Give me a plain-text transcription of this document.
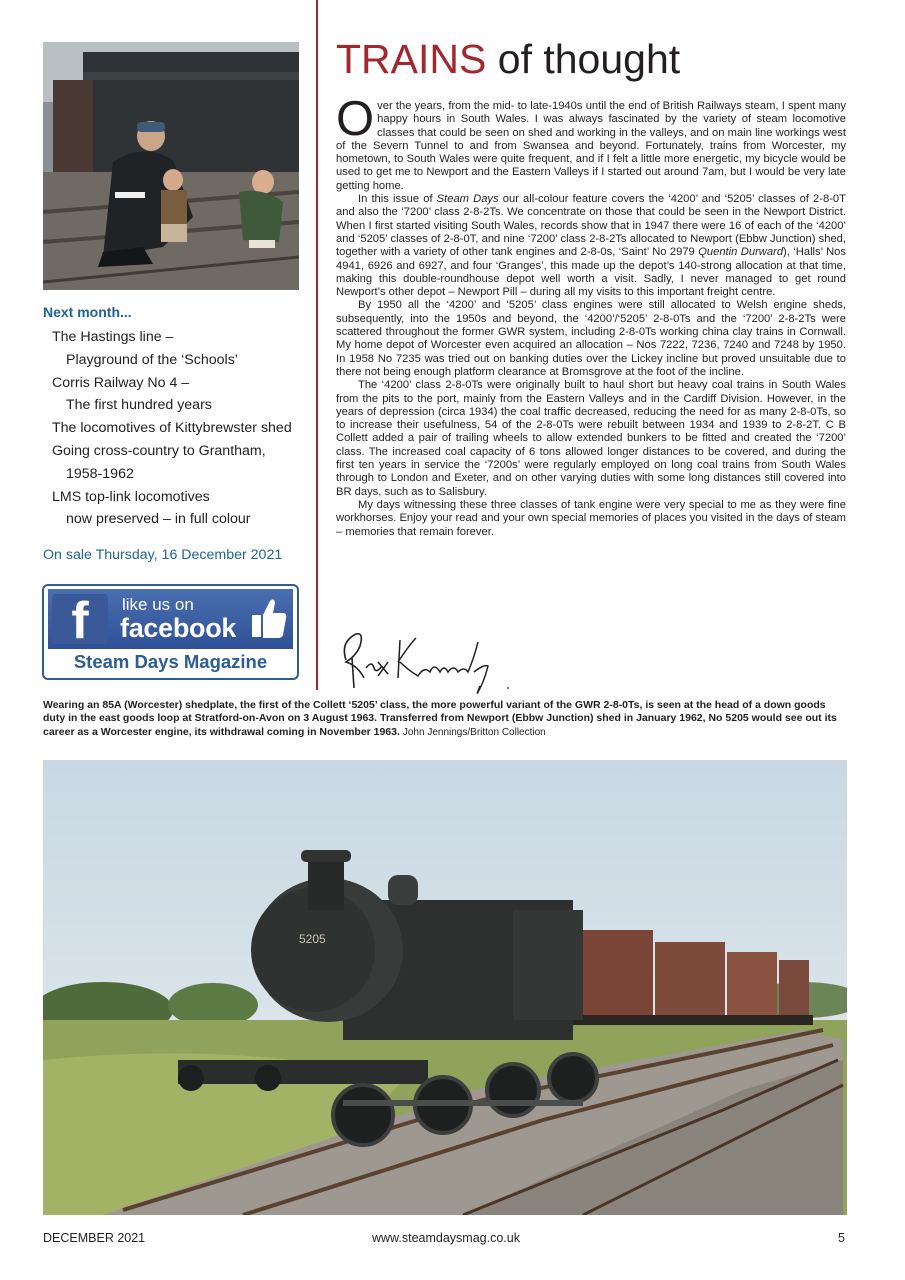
Next month...
The Hastings line –
Playground of the ‘Schools’
Corris Railway No 4 –
The first hundred years
The locomotives of Kittybrewster shed
Going cross-country to Grantham,
1958-1962
LMS top-link locomotives
now preserved – in full colour
On sale Thursday, 16 December 2021
f	like us on
facebook
Steam Days Magazine
TRAINS of thought

Over the years, from the mid- to late-1940s until the end of British Railways steam, I spent many happy hours in South Wales. I was always fascinated by the variety of steam locomotive classes that could be seen on shed and working in the valleys, and on main line workings west of the Severn Tunnel to and from Swansea and beyond. Fortunately, trains from Worcester, my hometown, to South Wales were quite frequent, and if I felt a little more energetic, my bicycle would be used to get me to Newport and the Eastern Valleys if I started out around 7am, but I would be very late getting home.

In this issue of Steam Days our all-colour feature covers the ‘4200’ and ‘5205’ classes of 2-8-0T and also the ‘7200’ class 2-8-2Ts. We concentrate on those that could be seen in the Newport District. When I first started visiting South Wales, records show that in 1947 there were 16 of each of the ‘4200’ and ‘5205’ classes of 2-8-0T, and nine ‘7200’ class 2-8-2Ts allocated to Newport (Ebbw Junction) shed, together with a variety of other tank engines and 2-8-0s, ‘Saint’ No 2979 Quentin Durward), ‘Halls’ Nos 4941, 6926 and 6927, and four ‘Granges’, this made up the depot’s 140-strong allocation at that time, making this double-roundhouse depot well worth a visit. Sadly, I never managed to get round Newport’s other depot – Newport Pill – during all my visits to this important freight centre.

By 1950 all the ‘4200’ and ‘5205’ class engines were still allocated to Welsh engine sheds, subsequently, into the 1950s and beyond, the ‘4200’/‘5205’ 2-8-0Ts and the ‘7200’ 2-8-2Ts were scattered throughout the former GWR system, including 2-8-0Ts working china clay trains in Cornwall. My home depot of Worcester even acquired an allocation – Nos 7222, 7236, 7240 and 7248 by 1950. In 1958 No 7235 was tried out on banking duties over the Lickey incline but proved unsuitable due to there not being enough platform clearance at Bromsgrove at the foot of the incline.

The ‘4200’ class 2-8-0Ts were originally built to haul short but heavy coal trains in South Wales from the pits to the port, mainly from the Eastern Valleys and in the Cardiff Division. However, in the years of depression (circa 1934) the coal traffic decreased, reducing the need for as many 2-8-0Ts, so to increase their usefulness, 54 of the 2-8-0Ts were rebuilt between 1934 and 1939 to 2-8-2T. C B Collett added a pair of trailing wheels to allow extended bunkers to be fitted and created the ‘7200’ class. The increased coal capacity of 6 tons allowed longer distances to be covered, and during the first ten years in service the ‘7200s’ were regularly employed on long coal trains from South Wales through to London and Exeter, and on other varying duties with some long distances still covered into BR days, such as to Salisbury.

My days witnessing these three classes of tank engine were very special to me as they were fine workhorses. Enjoy your read and your own special memories of places you visited in the days of steam – memories that remain forever.

Wearing an 85A (Worcester) shedplate, the first of the Collett ‘5205’ class, the more powerful variant of the GWR 2-8-0Ts, is seen at the head of a down goods duty in the east goods loop at Stratford-on-Avon on 3 August 1963. Transferred from Newport (Ebbw Junction) shed in January 1962, No 5205 would see out its career as a Worcester engine, its withdrawal coming in November 1963. John Jennings/Britton Collection
5205
DECEMBER 2021	www.steamdaysmag.co.uk	5
